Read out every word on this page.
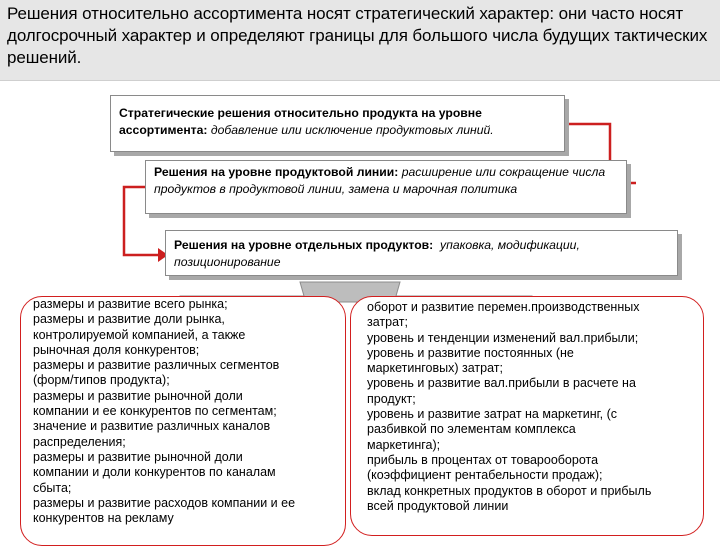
Решения относительно ассортимента носят стратегический характер: они часто носят долгосрочный характер и определяют границы для большого числа будущих тактических решений.
Стратегические решения относительно продукта на уровне ассортимента: добавление или исключение продуктовых линий.
Решения на уровне продуктовой линии: расширение или сокращение числа продуктов в продуктовой линии, замена и марочная политика
Решения на уровне отдельных продуктов: упаковка, модификации, позиционирование
размеры и развитие всего рынка;
размеры и развитие доли рынка,
контролируемой компанией, а также
рыночная доля конкурентов;
размеры и развитие различных сегментов
(форм/типов продукта);
размеры и развитие рыночной доли
компании и ее конкурентов по сегментам;
значение и развитие различных каналов
распределения;
размеры и развитие рыночной доли
компании и доли конкурентов по каналам
сбыта;
размеры и развитие расходов компании и ее
конкурентов на рекламу
оборот и развитие перемен.производственных
затрат;
уровень и тенденции изменений вал.прибыли;
уровень и развитие постоянных (не
маркетинговых) затрат;
уровень и развитие вал.прибыли в расчете на
продукт;
уровень и развитие затрат на маркетинг, (с
разбивкой по элементам комплекса
маркетинга);
прибыль в процентах от товарооборота
(коэффициент рентабельности продаж);
вклад конкретных продуктов в оборот и прибыль
всей продуктовой линии
